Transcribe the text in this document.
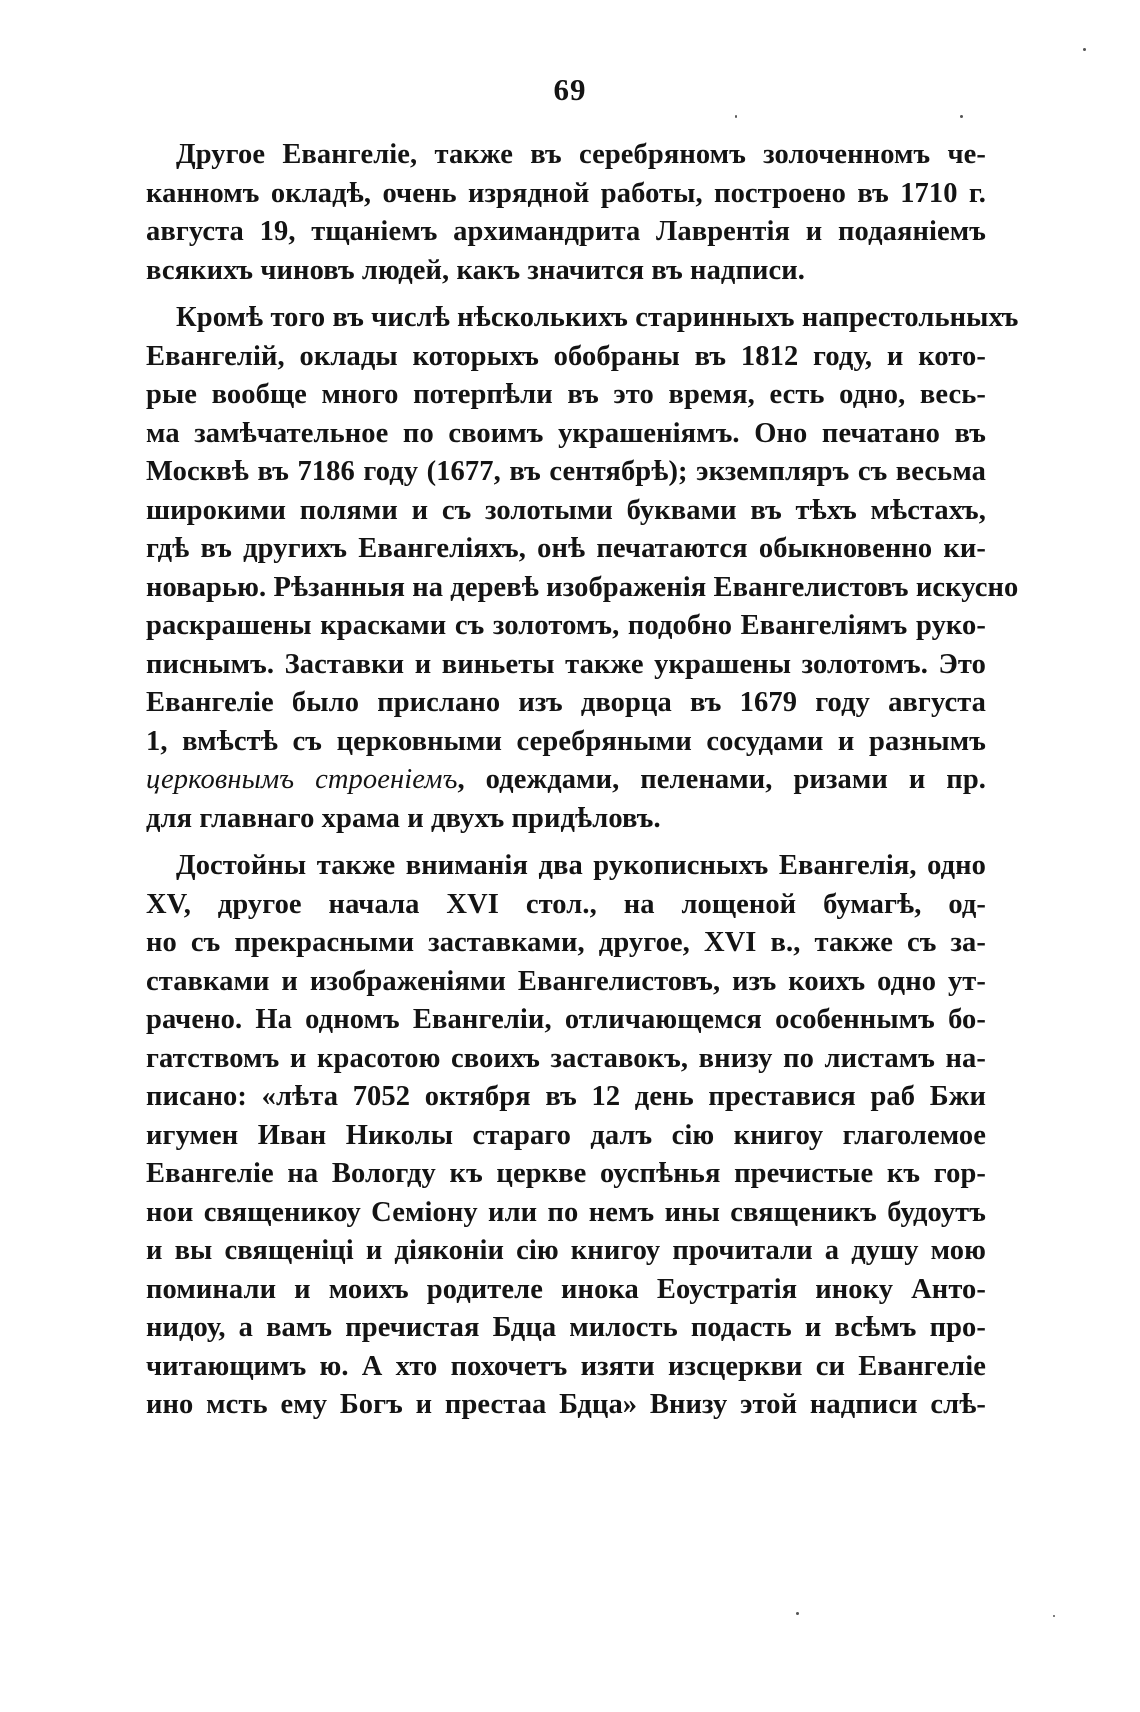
69
Другое Евангеліе, также въ серебряномъ золоченномъ че-
канномъ окладѣ, очень изрядной работы, построено въ 1710 г.
августа 19, тщаніемъ архимандрита Лаврентія и подаяніемъ
всякихъ чиновъ людей, какъ значится въ надписи.
Кромѣ того въ числѣ нѣсколькихъ старинныхъ напрестольныхъ
Евангелій, оклады которыхъ обобраны въ 1812 году, и кото-
рые вообще много потерпѣли въ это время, есть одно, весь-
ма замѣчательное по своимъ украшеніямъ. Оно печатано въ
Москвѣ въ 7186 году (1677, въ сентябрѣ); экземпляръ съ весьма
широкими полями и съ золотыми буквами въ тѣхъ мѣстахъ,
гдѣ въ другихъ Евангеліяхъ, онѣ печатаются обыкновенно ки-
новарью. Рѣзанныя на деревѣ изображенія Евангелистовъ искусно
раскрашены красками съ золотомъ, подобно Евангеліямъ руко-
писнымъ. Заставки и виньеты также украшены золотомъ. Это
Евангеліе было прислано изъ дворца въ 1679 году августа
1, вмѣстѣ съ церковными серебряными сосудами и разнымъ
церковнымъ строеніемъ, одеждами, пеленами, ризами и пр.
для главнаго храма и двухъ придѣловъ.
Достойны также вниманія два рукописныхъ Евангелія, одно
XV, другое начала XVI стол., на лощеной бумагѣ, од-
но съ прекрасными заставками, другое, XVI в., также съ за-
ставками и изображеніями Евангелистовъ, изъ коихъ одно ут-
рачено. На одномъ Евангеліи, отличающемся особеннымъ бо-
гатствомъ и красотою своихъ заставокъ, внизу по листамъ на-
писано: «лѣта 7052 октября въ 12 день преставися раб Бжи
игумен Иван Николы стараго далъ сію книгоу глаголемое
Евангеліе на Вологду къ церкве оуспѣнья пречистые къ гор-
нои священикоу Семіону или по немъ ины священикъ будоутъ
и вы священіці и діяконіи сію книгоу прочитали а душу мою
поминали и моихъ родителе инока Еоустратія иноку Анто-
нидоу, а вамъ пречистая Бдца милость подасть и всѣмъ про-
читающимъ ю. А хто похочетъ изяти изсцеркви си Евангеліе
ино мсть ему Богъ и престаа Бдца» Внизу этой надписи слѣ-
